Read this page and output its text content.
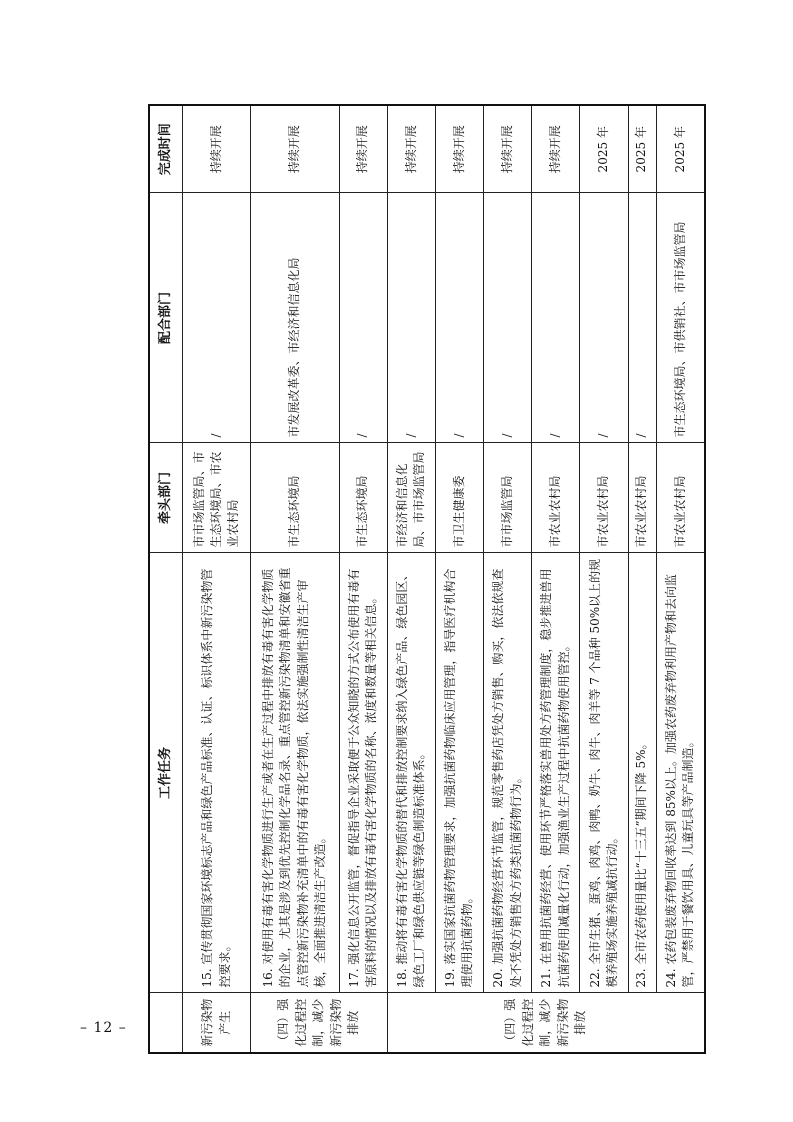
– 12 –
	工作任务	牵头部门	配合部门	完成时间
新污染物产生	15. 宣传贯彻国家环境标志产品和绿色产品标准、认证、标识体系中新污染物管控要求。	市市场监管局、市生态环境局、市农业农村局	/	持续开展
（四）强化过程控制，减少新污染物排放	16. 对使用有毒有害化学物质进行生产或者在生产过程中排放有毒有害化学物质的企业，尤其是涉及到优先控制化学品名录、重点管控新污染物清单和安徽省重点管控新污染物补充清单中的有毒有害化学物质，依法实施强制性清洁生产审核，全面推进清洁生产改造。	市生态环境局	市发展改革委、市经济和信息化局	持续开展
	17. 强化信息公开监管，督促指导企业采取便于公众知晓的方式公布使用有毒有害原料的情况以及排放有毒有害化学物质的名称、浓度和数量等相关信息。	市生态环境局	/	持续开展
（四）强化过程控制，减少新污染物排放	18. 推动将有毒有害化学物质的替代和排放控制要求纳入绿色产品、绿色园区、绿色工厂和绿色供应链等绿色制造标准体系。	市经济和信息化局、市市场监管局	/	持续开展
	19. 落实国家抗菌药物管理要求，加强抗菌药物临床应用管理，指导医疗机构合理使用抗菌药物。	市卫生健康委	/	持续开展
	20. 加强抗菌药物经营环节监管，规范零售药店凭处方销售、购买，依法依规查处不凭处方销售处方药类抗菌药物行为。	市市场监管局	/	持续开展
	21. 在兽用抗菌药经营、使用环节严格落实兽用处方药管理制度，稳步推进兽用抗菌药使用减量化行动，加强渔业生产过程中抗菌药物使用管控。	市农业农村局	/	持续开展
	22. 全市生猪、蛋鸡、肉鸡、肉鸭、奶牛、肉牛、肉羊等 7 个品种 50%以上的规模养殖场实施养殖减抗行动。	市农业农村局	/	2025 年
	23. 全市农药使用量比“十三五”期间下降 5%。	市农业农村局	/	2025 年
	24. 农药包装废弃物回收率达到 85%以上。加强农药废弃物利用产物和去向监管，严禁用于餐饮用具、儿童玩具等产品制造。	市农业农村局	市生态环境局、市供销社、市市场监管局	2025 年
